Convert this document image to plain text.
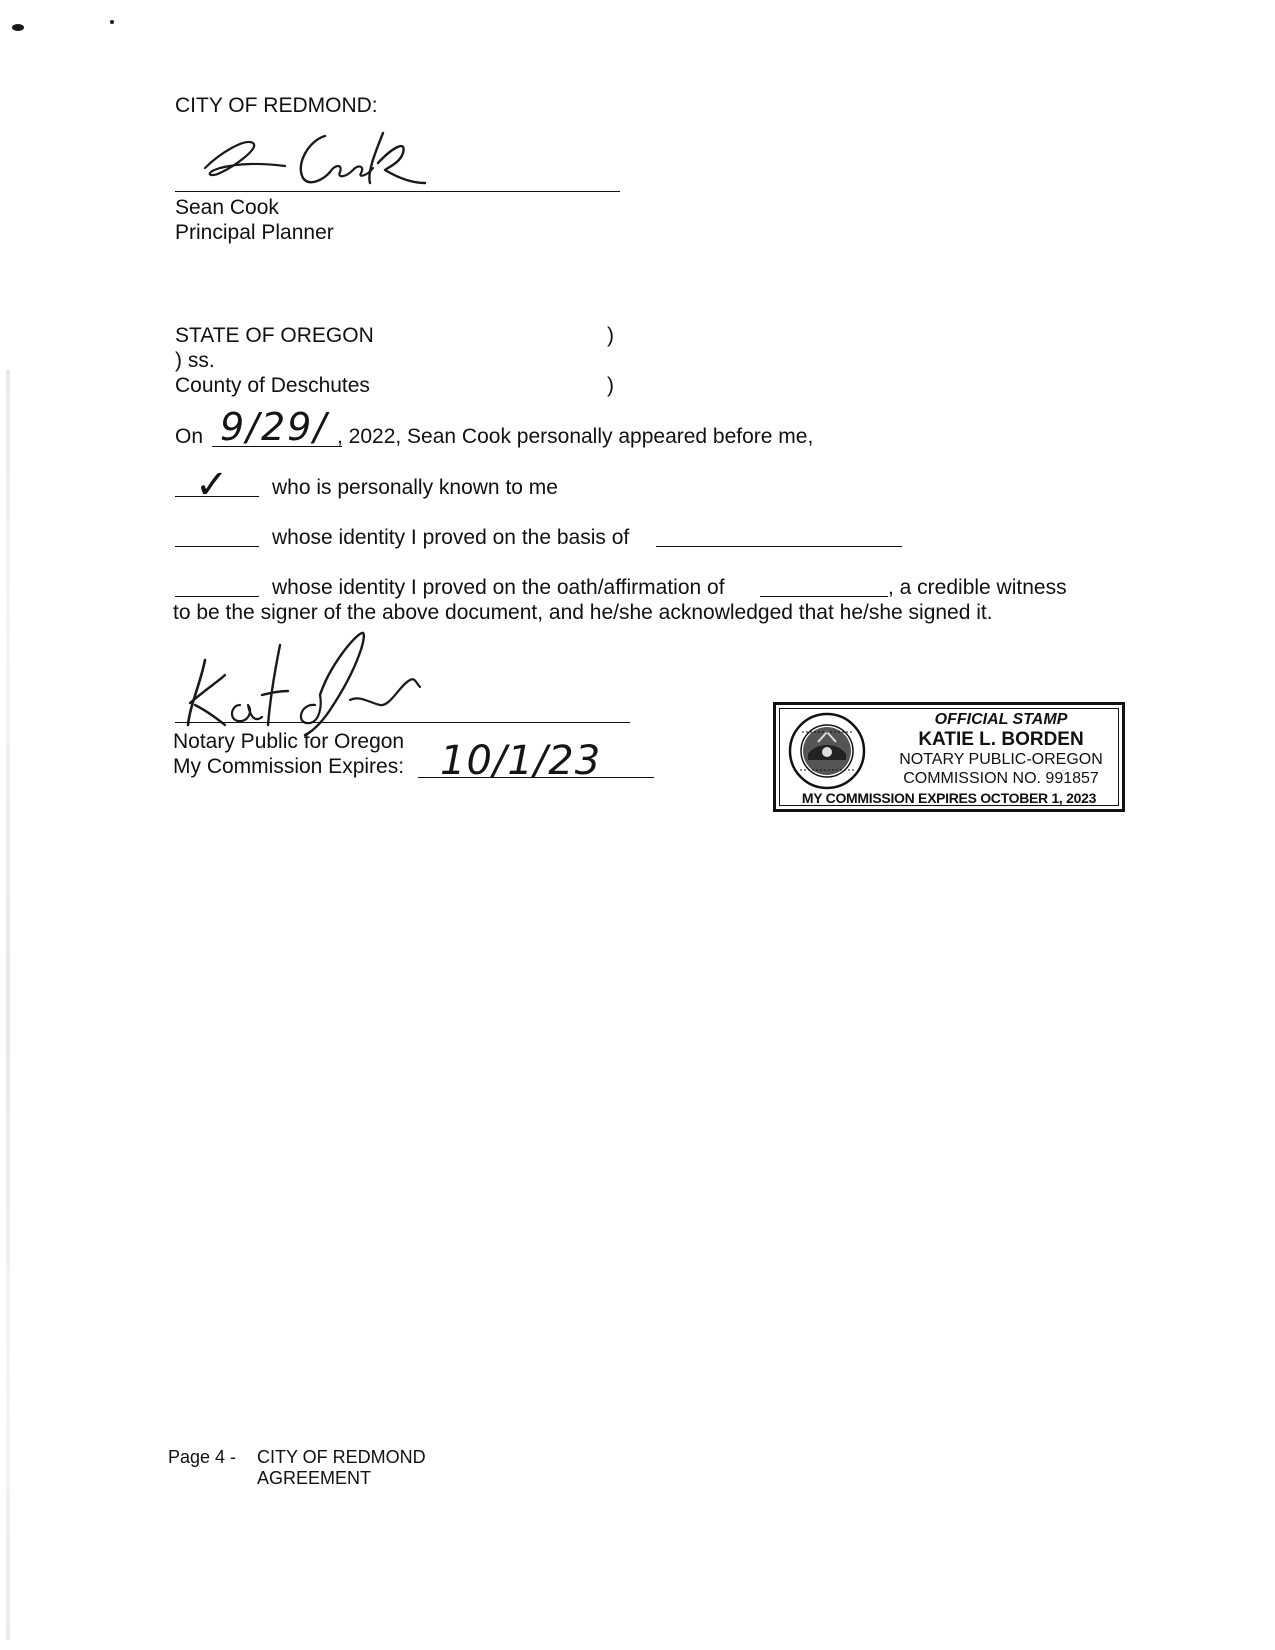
CITY OF REDMOND:
Sean Cook
Principal Planner
STATE OF OREGON	)
) ss.
County of Deschutes	)
On 9/29/ , 2022, Sean Cook personally appeared before me,
✓ who is personally known to me
whose identity I proved on the basis of
whose identity I proved on the oath/affirmation of	, a credible witness
to be the signer of the above document, and he/she acknowledged that he/she signed it.
Notary Public for Oregon
My Commission Expires: 10/1/23
OFFICIAL STAMP
KATIE L. BORDEN
NOTARY PUBLIC-OREGON
COMMISSION NO. 991857
MY COMMISSION EXPIRES OCTOBER 1, 2023
Page 4 - CITY OF REDMOND
AGREEMENT
